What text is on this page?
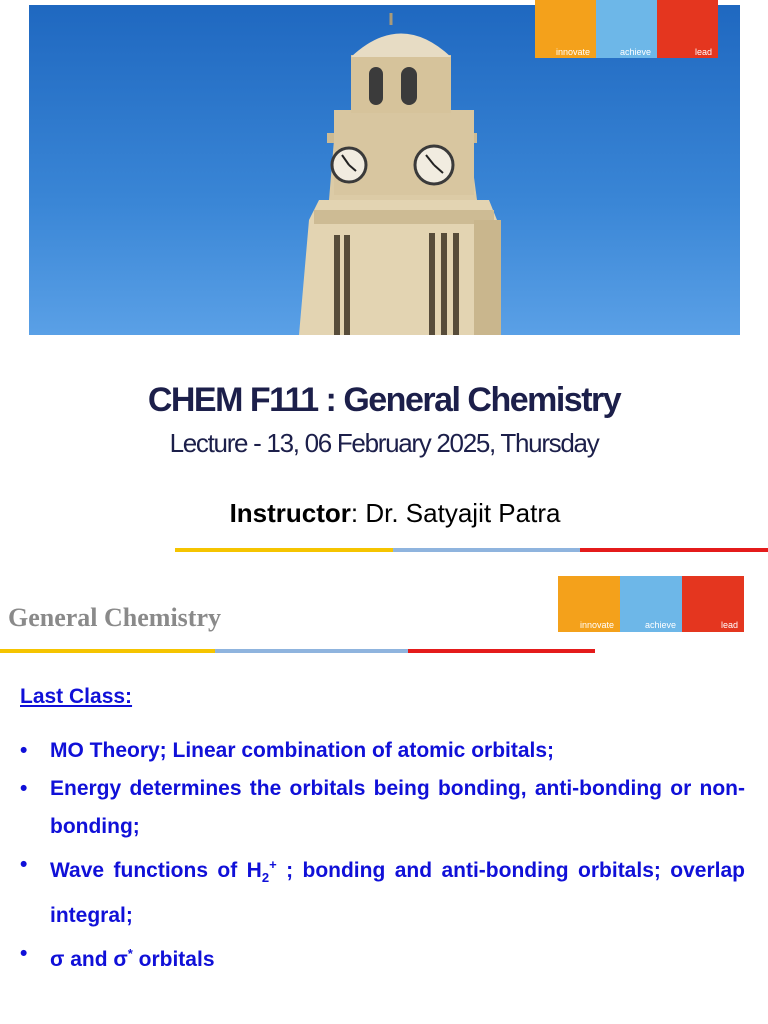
innovate	achieve	lead
CHEM F111 : General Chemistry
Lecture - 13, 06 February 2025, Thursday
Instructor: Dr. Satyajit Patra
General Chemistry	innovate	achieve	lead
Last Class:
• MO Theory; Linear combination of atomic orbitals;
• Energy determines the orbitals being bonding, anti-bonding or non-bonding;
• Wave functions of $H_2^+$ ; bonding and anti-bonding orbitals; overlap integral;
• σ and σ* orbitals
